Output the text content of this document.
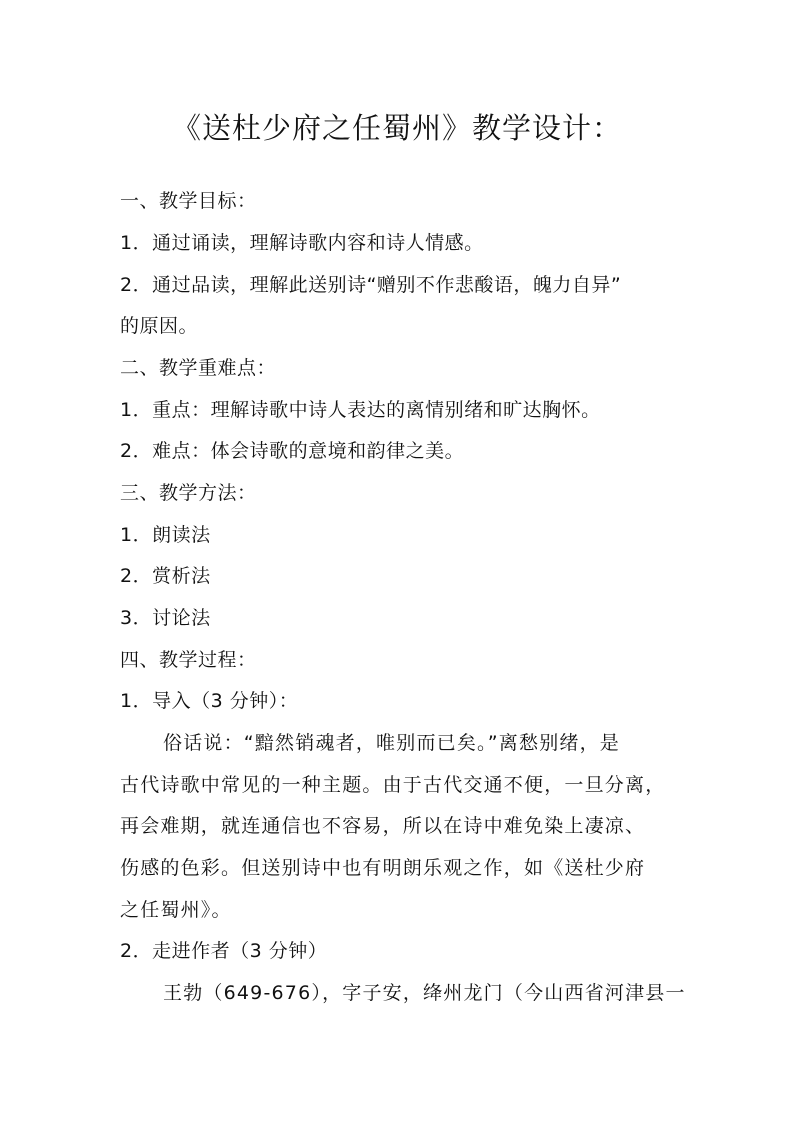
《送杜少府之任蜀州》教学设计：
一、教学目标：
1．通过诵读，理解诗歌内容和诗人情感。
2．通过品读，理解此送别诗“赠别不作悲酸语，魄力自异”
的原因。
二、教学重难点：
1．重点：理解诗歌中诗人表达的离情别绪和旷达胸怀。
2．难点：体会诗歌的意境和韵律之美。
三、教学方法：
1．朗读法
2．赏析法
3．讨论法
四、教学过程：
1．导入（3 分钟）：
俗话说：“黯然销魂者，唯别而已矣。”离愁别绪，是
古代诗歌中常见的一种主题。由于古代交通不便，一旦分离，
再会难期，就连通信也不容易，所以在诗中难免染上凄凉、
伤感的色彩。但送别诗中也有明朗乐观之作，如《送杜少府
之任蜀州》。
2．走进作者（3 分钟）
王勃（649-676），字子安，绛州龙门（今山西省河津县一
